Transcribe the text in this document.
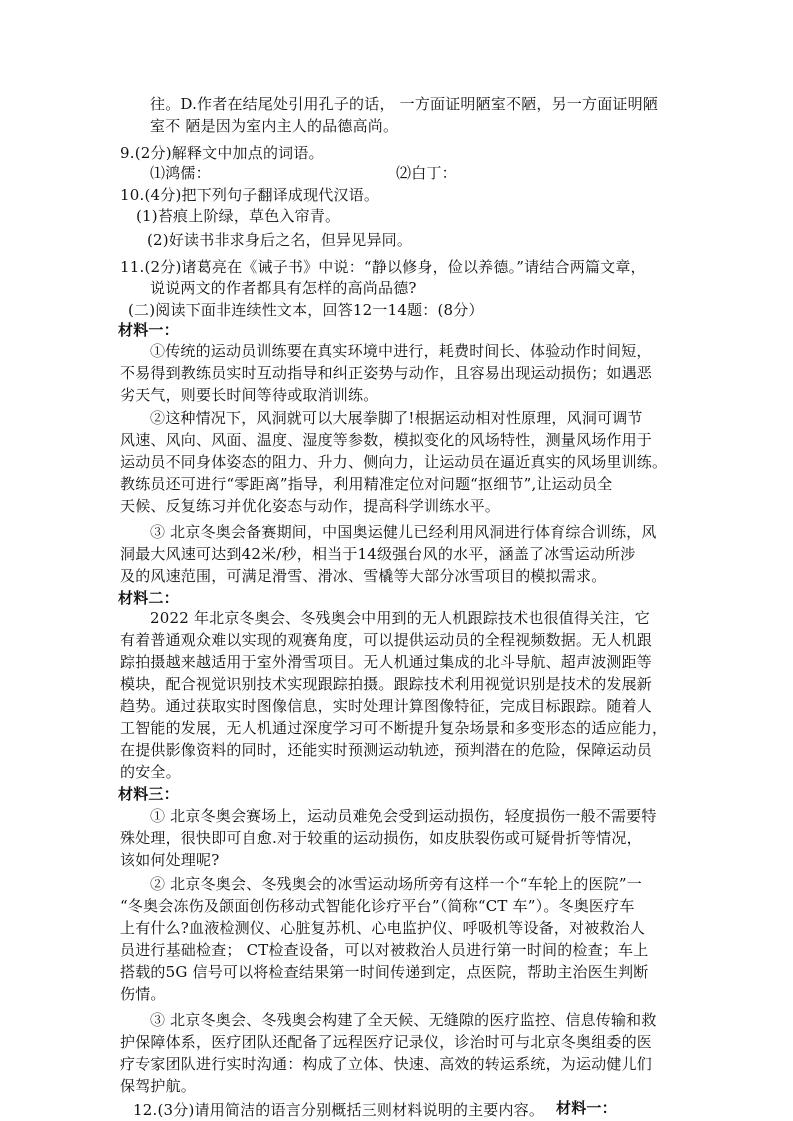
往。D.作者在结尾处引用孔子的话， 一方面证明陋室不陋，另一方面证明陋
室不 陋是因为室内主人的品德高尚。
9.(2分)解释文中加点的词语。
⑴鸿儒：	⑵白丁：
10.(4分)把下列句子翻译成现代汉语。
(1)苔痕上阶绿，草色入帘青。
(2)好读书非求身后之名，但异见异同。
11.(2分)诸葛亮在《诫子书》中说：“静以修身，俭以养德。”请结合两篇文章，
说说两文的作者都具有怎样的高尚品德?
(二)阅读下面非连续性文本，回答12一14题：(8分）
材料一：
①传统的运动员训练要在真实环境中进行，耗费时间长、体验动作时间短，
不易得到教练员实时互动指导和纠正姿势与动作，且容易出现运动损伤；如遇恶
劣天气，则要长时间等待或取消训练。
②这种情况下，风洞就可以大展拳脚了!根据运动相对性原理，风洞可调节
风速、风向、风面、温度、湿度等参数，模拟变化的风场特性，测量风场作用于
运动员不同身体姿态的阻力、升力、侧向力，让运动员在逼近真实的风场里训练。
教练员还可进行“零距离”指导，利用精准定位对问题“抠细节”,让运动员全
天候、反复练习并优化姿态与动作，提高科学训练水平。
③ 北京冬奥会备赛期间，中国奥运健儿已经利用风洞进行体育综合训练，风
洞最大风速可达到42米/秒，相当于14级强台风的水平，涵盖了冰雪运动所涉
及的风速范围，可满足滑雪、滑冰、雪橇等大部分冰雪项目的模拟需求。
材料二：
2022 年北京冬奥会、冬残奥会中用到的无人机跟踪技术也很值得关注，它
有着普通观众难以实现的观赛角度，可以提供运动员的全程视频数据。无人机跟
踪拍摄越来越适用于室外滑雪项目。无人机通过集成的北斗导航、超声波测距等
模块，配合视觉识别技术实现跟踪拍摄。跟踪技术利用视觉识别是技术的发展新
趋势。通过获取实时图像信息，实时处理计算图像特征，完成目标跟踪。随着人
工智能的发展，无人机通过深度学习可不断提升复杂场景和多变形态的适应能力，
在提供影像资料的同时，还能实时预测运动轨迹，预判潜在的危险，保障运动员
的安全。
材料三：
① 北京冬奥会赛场上，运动员难免会受到运动损伤，轻度损伤一般不需要特
殊处理，很快即可自愈.对于较重的运动损伤，如皮肤裂伤或可疑骨折等情况，
该如何处理呢?
② 北京冬奥会、冬残奥会的冰雪运动场所旁有这样一个“车轮上的医院”一
“冬奥会冻伤及颌面创伤移动式智能化诊疗平台”（简称“CT 车”）。冬奥医疗车
上有什么?血液检测仪、心脏复苏机、心电监护仪、呼吸机等设备，对被救治人
员进行基础检查； CT检查设备，可以对被救治人员进行第一时间的检查；车上
搭载的5G 信号可以将检查结果第一时间传递到定，点医院，帮助主治医生判断
伤情。
③ 北京冬奥会、冬残奥会构建了全天候、无缝隙的医疗监控、信息传输和救
护保障体系，医疗团队还配备了远程医疗记录仪，诊治时可与北京冬奥组委的医
疗专家团队进行实时沟通：构成了立体、快速、高效的转运系统，为运动健儿们
保驾护航。
材料一：
12.(3分)请用简洁的语言分别概括三则材料说明的主要内容。
